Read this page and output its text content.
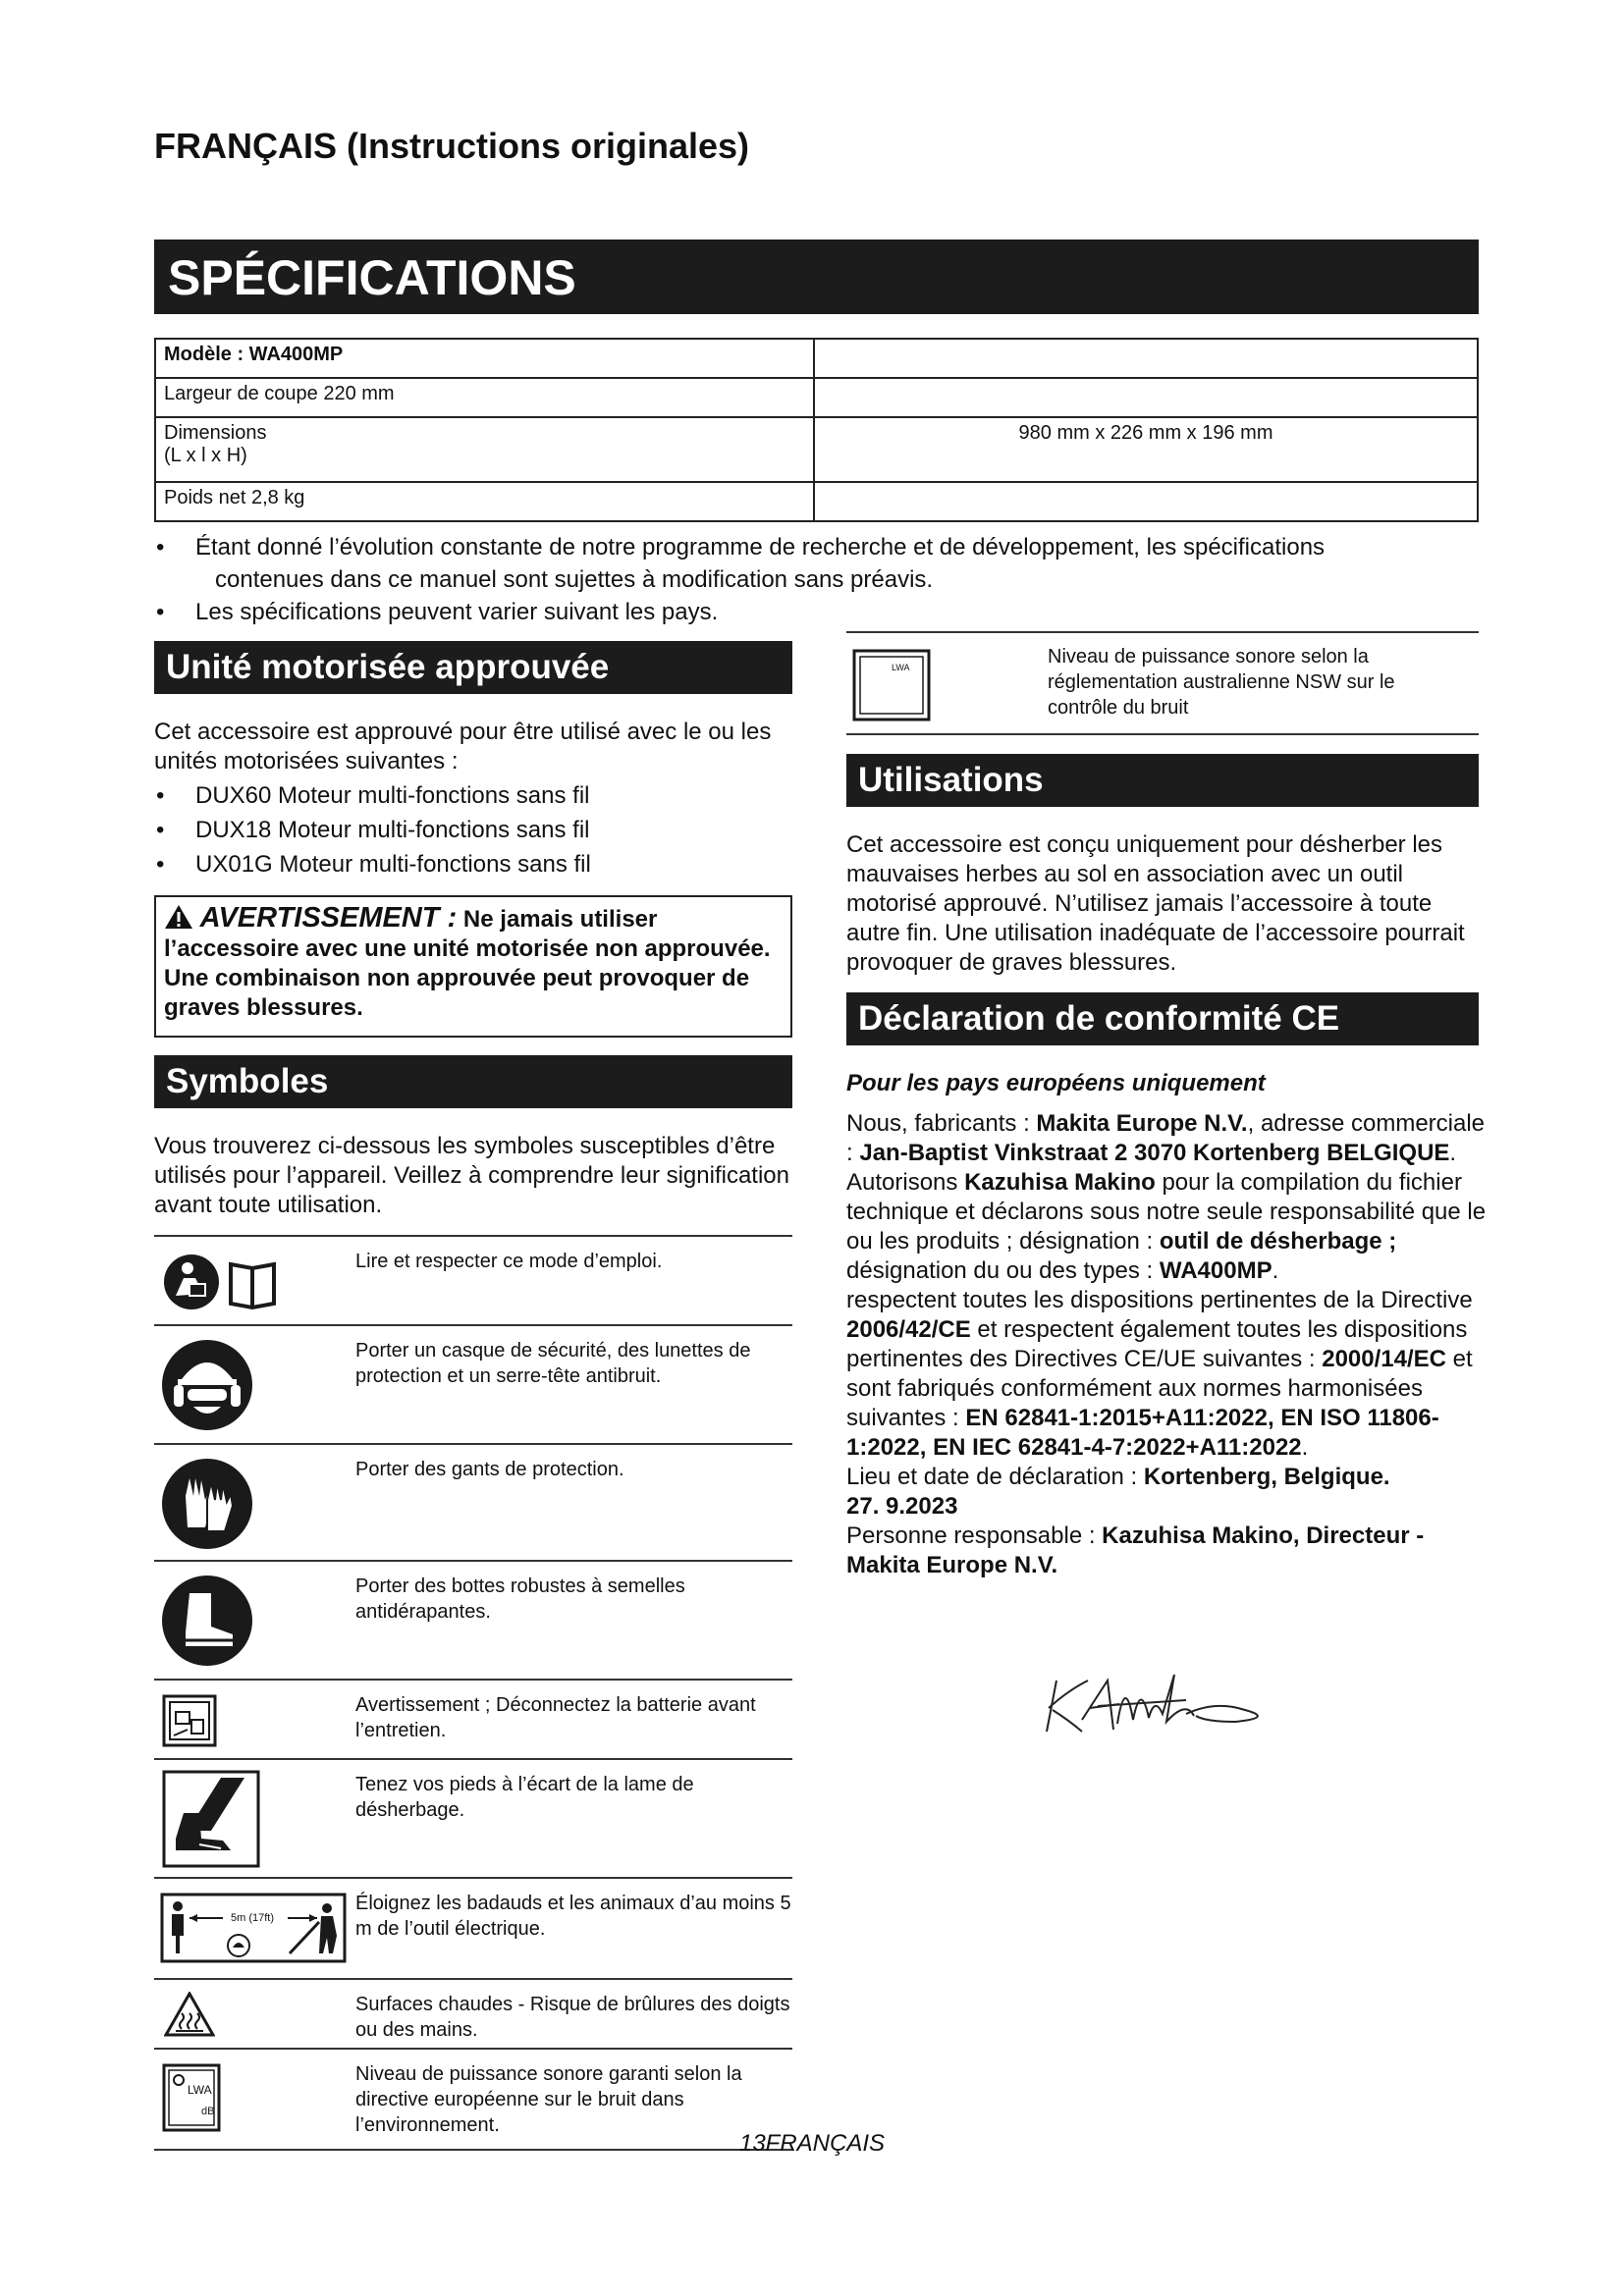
FRANÇAIS (Instructions originales)
SPÉCIFICATIONS
Modèle : WA400MP	
Largeur de coupe 220 mm	

Dimensions
(L x l x H)	980 mm x 226 mm x 196 mm
Poids net 2,8 kg	
• Étant donné l’évolution constante de notre programme de recherche et de développement, les spécifications
contenues dans ce manuel sont sujettes à modification sans préavis.
• Les spécifications peuvent varier suivant les pays.
Unité motorisée approuvée
Cet accessoire est approuvé pour être utilisé avec le ou les unités motorisées suivantes :
• DUX60 Moteur multi-fonctions sans fil
• DUX18 Moteur multi-fonctions sans fil
• UX01G Moteur multi-fonctions sans fil
AVERTISSEMENT : Ne jamais utiliser l’accessoire avec une unité motorisée non approuvée. Une combinaison non approuvée peut provoquer de graves blessures.
Symboles
Vous trouverez ci-dessous les symboles susceptibles d’être utilisés pour l’appareil. Veillez à comprendre leur signification avant toute utilisation.
Lire et respecter ce mode d’emploi.
Porter un casque de sécurité, des lunettes de protection et un serre-tête antibruit.
Porter des gants de protection.
Porter des bottes robustes à semelles antidérapantes.
Avertissement ; Déconnectez la batterie avant l’entretien.
Tenez vos pieds à l’écart de la lame de désherbage.
5m (17ft)
Éloignez les badauds et les animaux d’au moins 5 m de l’outil électrique.
Surfaces chaudes - Risque de brûlures des doigts ou des mains.
dB
LWA
Niveau de puissance sonore garanti selon la directive européenne sur le bruit dans l’environnement.
LWA	Niveau de puissance sonore selon la réglementation australienne NSW sur le contrôle du bruit
Utilisations
Cet accessoire est conçu uniquement pour désherber les mauvaises herbes au sol en association avec un outil motorisé approuvé. N’utilisez jamais l’accessoire à toute autre fin. Une utilisation inadéquate de l’accessoire pourrait provoquer de graves blessures.
Déclaration de conformité CE
Pour les pays européens uniquement
Nous, fabricants : Makita Europe N.V., adresse commerciale : Jan-Baptist Vinkstraat 2 3070 Kortenberg BELGIQUE. Autorisons Kazuhisa Makino pour la compilation du fichier technique et déclarons sous notre seule responsabilité que le ou les produits ; désignation : outil de désherbage ; désignation du ou des types : WA400MP.
respectent toutes les dispositions pertinentes de la Directive 2006/42/CE et respectent également toutes les dispositions pertinentes des Directives CE/UE suivantes : 2000/14/EC et sont fabriqués conformément aux normes harmonisées suivantes : EN 62841-1:2015+A11:2022, EN ISO 11806-1:2022, EN IEC 62841-4-7:2022+A11:2022.
Lieu et date de déclaration : Kortenberg, Belgique.
27. 9.2023
Personne responsable : Kazuhisa Makino, Directeur - Makita Europe N.V.
13FRANÇAIS
